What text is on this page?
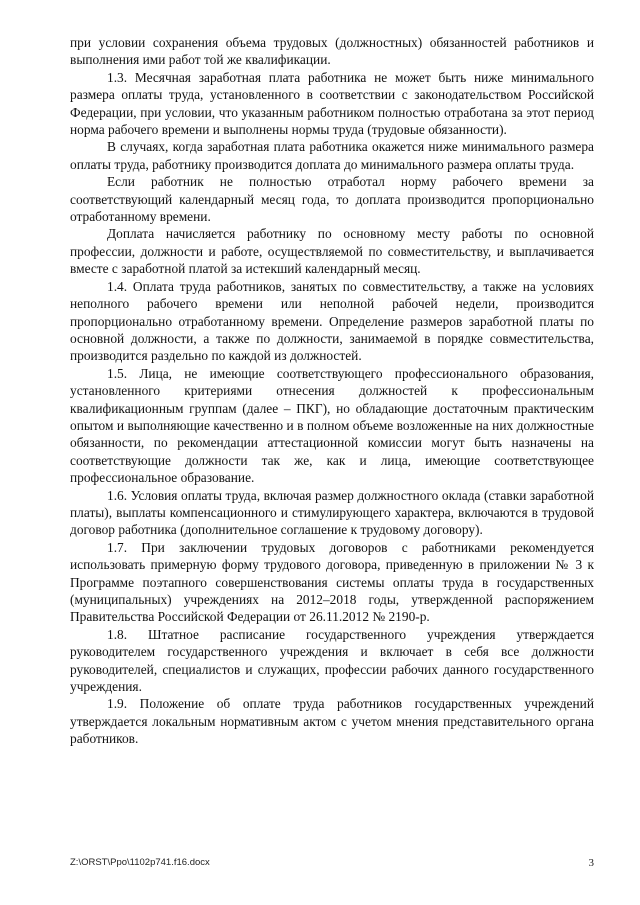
при условии сохранения объема трудовых (должностных) обязанностей работников и выполнения ими работ той же квалификации.

1.3. Месячная заработная плата работника не может быть ниже минимального размера оплаты труда, установленного в соответствии с законодательством Российской Федерации, при условии, что указанным работником полностью отработана за этот период норма рабочего времени и выполнены нормы труда (трудовые обязанности).

В случаях, когда заработная плата работника окажется ниже минимального размера оплаты труда, работнику производится доплата до минимального размера оплаты труда.

Если работник не полностью отработал норму рабочего времени за соответствующий календарный месяц года, то доплата производится пропорционально отработанному времени.

Доплата начисляется работнику по основному месту работы по основной профессии, должности и работе, осуществляемой по совместительству, и выплачивается вместе с заработной платой за истекший календарный месяц.

1.4. Оплата труда работников, занятых по совместительству, а также на условиях неполного рабочего времени или неполной рабочей недели, производится пропорционально отработанному времени. Определение размеров заработной платы по основной должности, а также по должности, занимаемой в порядке совместительства, производится раздельно по каждой из должностей.

1.5. Лица, не имеющие соответствующего профессионального образования, установленного критериями отнесения должностей к профессиональным квалификационным группам (далее – ПКГ), но обладающие достаточным практическим опытом и выполняющие качественно и в полном объеме возложенные на них должностные обязанности, по рекомендации аттестационной комиссии могут быть назначены на соответствующие должности так же, как и лица, имеющие соответствующее профессиональное образование.

1.6. Условия оплаты труда, включая размер должностного оклада (ставки заработной платы), выплаты компенсационного и стимулирующего характера, включаются в трудовой договор работника (дополнительное соглашение к трудовому договору).

1.7. При заключении трудовых договоров с работниками рекомендуется использовать примерную форму трудового договора, приведенную в приложении № 3 к Программе поэтапного совершенствования системы оплаты труда в государственных (муниципальных) учреждениях на 2012–2018 годы, утвержденной распоряжением Правительства Российской Федерации от 26.11.2012 № 2190-р.

1.8. Штатное расписание государственного учреждения утверждается руководителем государственного учреждения и включает в себя все должности руководителей, специалистов и служащих, профессии рабочих данного государственного учреждения.

1.9. Положение об оплате труда работников государственных учреждений утверждается локальным нормативным актом с учетом мнения представительного органа работников.

Z:\ORST\Ppo\1102p741.f16.docx	3
